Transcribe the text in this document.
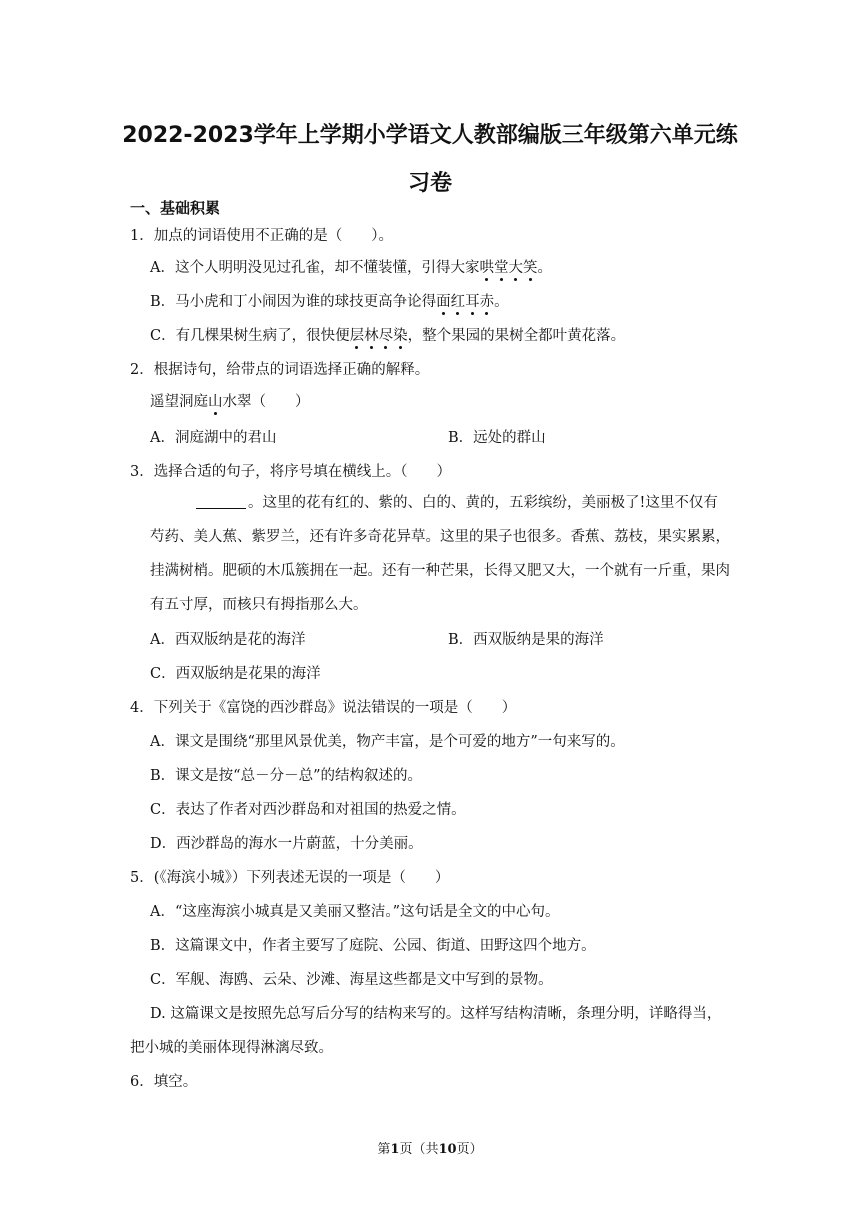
2022-2023学年上学期小学语文人教部编版三年级第六单元练习卷
一、基础积累
1．加点的词语使用不正确的是（　　）。
A．这个人明明没见过孔雀，却不懂装懂，引得大家哄堂大笑。
B．马小虎和丁小闹因为谁的球技更高争论得面红耳赤。
C．有几棵果树生病了，很快便层林尽染，整个果园的果树全都叶黄花落。
2．根据诗句，给带点的词语选择正确的解释。
遥望洞庭山水翠（　　）
A．洞庭湖中的君山	B．远处的群山
3．选择合适的句子，将序号填在横线上。（　　）
。这里的花有红的、紫的、白的、黄的，五彩缤纷，美丽极了!这里不仅有芍药、美人蕉、紫罗兰，还有许多奇花异草。这里的果子也很多。香蕉、荔枝，果实累累，挂满树梢。肥硕的木瓜簇拥在一起。还有一种芒果，长得又肥又大，一个就有一斤重，果肉有五寸厚，而核只有拇指那么大。
A．西双版纳是花的海洋	B．西双版纳是果的海洋
C．西双版纳是花果的海洋
4．下列关于《富饶的西沙群岛》说法错误的一项是（　　）
A．课文是围绕“那里风景优美，物产丰富，是个可爱的地方”一句来写的。
B．课文是按“总－分－总”的结构叙述的。
C．表达了作者对西沙群岛和对祖国的热爱之情。
D．西沙群岛的海水一片蔚蓝，十分美丽。
5．(《海滨小城》）下列表述无误的一项是（　　）
A．“这座海滨小城真是又美丽又整洁。”这句话是全文的中心句。
B．这篇课文中，作者主要写了庭院、公园、街道、田野这四个地方。
C．军舰、海鸥、云朵、沙滩、海星这些都是文中写到的景物。
D. 这篇课文是按照先总写后分写的结构来写的。这样写结构清晰，条理分明，详略得当，把小城的美丽体现得淋漓尽致。
6．填空。
第1页（共10页）
